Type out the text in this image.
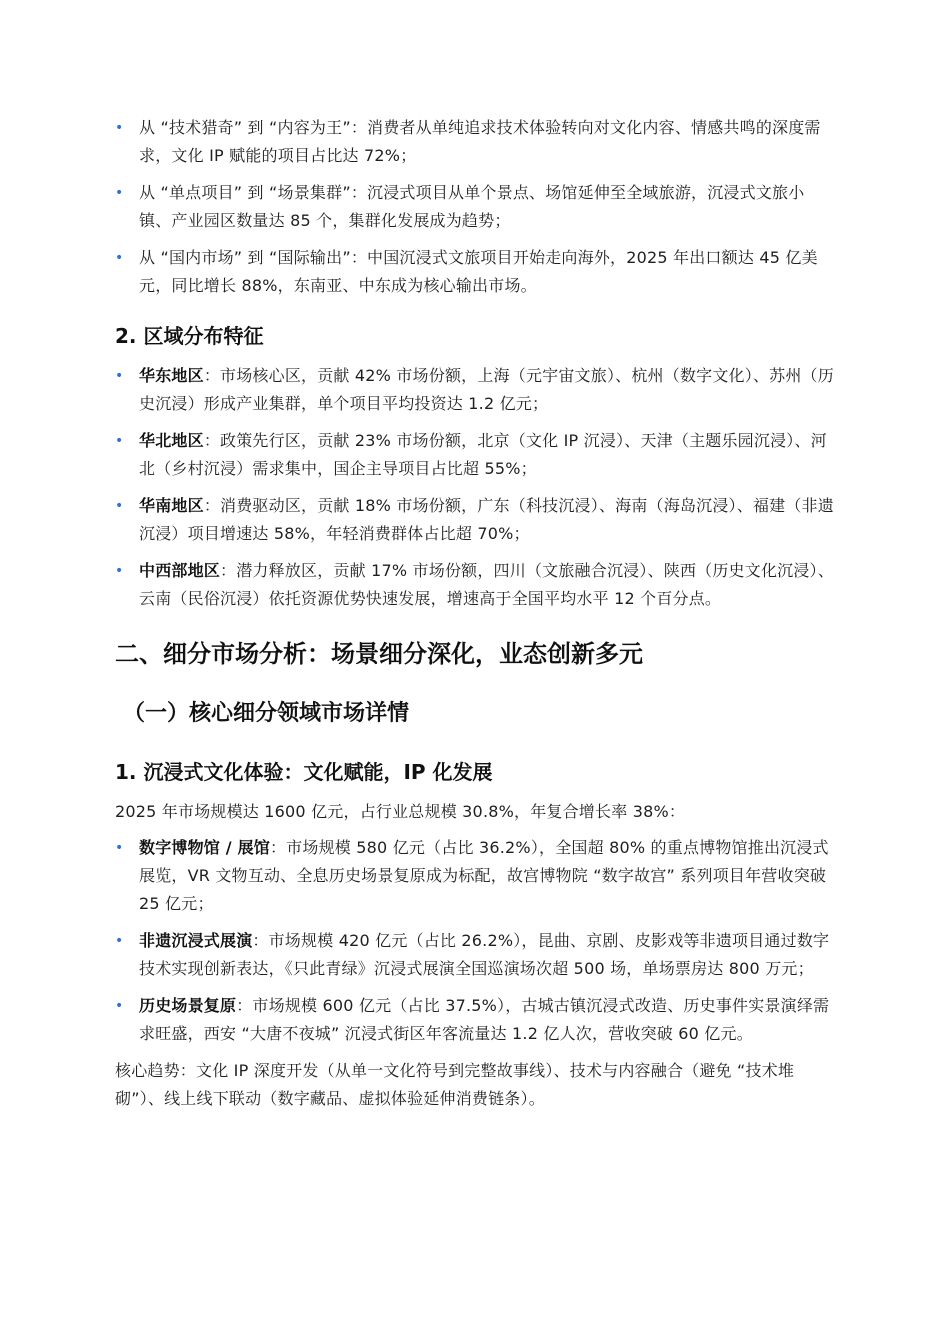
• 从 “技术猎奇” 到 “内容为王”：消费者从单纯追求技术体验转向对文化内容、情感共鸣的深度需求，文化 IP 赋能的项目占比达 72%；
• 从 “单点项目” 到 “场景集群”：沉浸式项目从单个景点、场馆延伸至全域旅游，沉浸式文旅小镇、产业园区数量达 85 个，集群化发展成为趋势；
• 从 “国内市场” 到 “国际输出”：中国沉浸式文旅项目开始走向海外，2025 年出口额达 45 亿美元，同比增长 88%，东南亚、中东成为核心输出市场。
2. 区域分布特征
• 华东地区：市场核心区，贡献 42% 市场份额，上海（元宇宙文旅）、杭州（数字文化）、苏州（历史沉浸）形成产业集群，单个项目平均投资达 1.2 亿元；
• 华北地区：政策先行区，贡献 23% 市场份额，北京（文化 IP 沉浸）、天津（主题乐园沉浸）、河北（乡村沉浸）需求集中，国企主导项目占比超 55%；
• 华南地区：消费驱动区，贡献 18% 市场份额，广东（科技沉浸）、海南（海岛沉浸）、福建（非遗沉浸）项目增速达 58%，年轻消费群体占比超 70%；
• 中西部地区：潜力释放区，贡献 17% 市场份额，四川（文旅融合沉浸）、陕西（历史文化沉浸）、云南（民俗沉浸）依托资源优势快速发展，增速高于全国平均水平 12 个百分点。
二、细分市场分析：场景细分深化，业态创新多元
（一）核心细分领域市场详情
1. 沉浸式文化体验：文化赋能，IP 化发展

2025 年市场规模达 1600 亿元，占行业总规模 30.8%，年复合增长率 38%：

• 数字博物馆 / 展馆：市场规模 580 亿元（占比 36.2%），全国超 80% 的重点博物馆推出沉浸式展览，VR 文物互动、全息历史场景复原成为标配，故宫博物院 “数字故宫” 系列项目年营收突破 25 亿元；
• 非遗沉浸式展演：市场规模 420 亿元（占比 26.2%），昆曲、京剧、皮影戏等非遗项目通过数字技术实现创新表达，《只此青绿》沉浸式展演全国巡演场次超 500 场，单场票房达 800 万元；
• 历史场景复原：市场规模 600 亿元（占比 37.5%），古城古镇沉浸式改造、历史事件实景演绎需求旺盛，西安 “大唐不夜城” 沉浸式街区年客流量达 1.2 亿人次，营收突破 60 亿元。

核心趋势：文化 IP 深度开发（从单一文化符号到完整故事线）、技术与内容融合（避免 “技术堆砌”）、线上线下联动（数字藏品、虚拟体验延伸消费链条）。
